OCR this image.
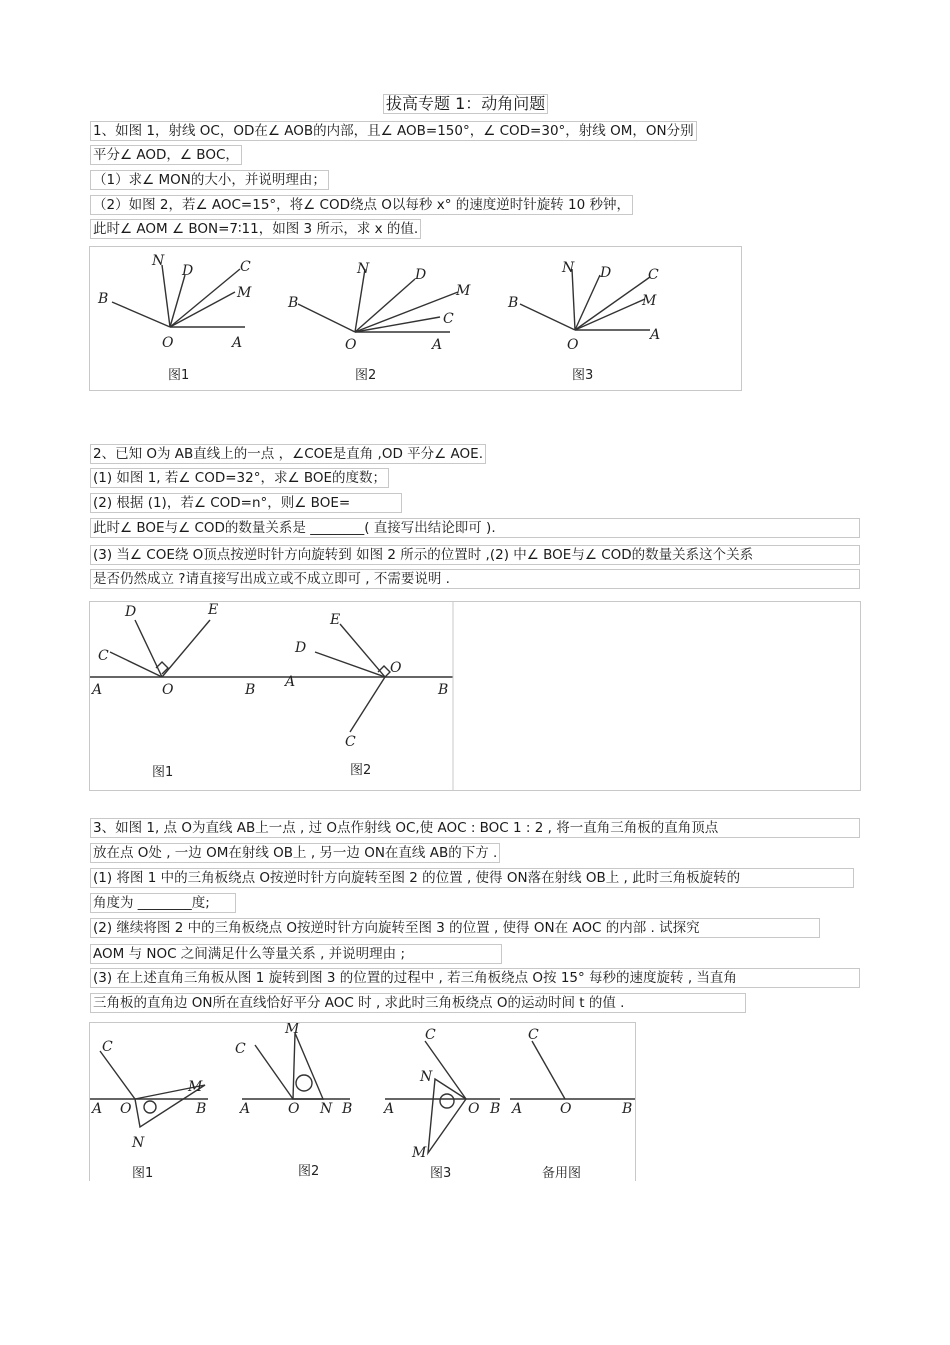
拔高专题 1：动角问题
1、如图 1，射线 OC，OD在∠ AOB的内部，且∠ AOB=150°，∠ COD=30°，射线 OM，ON分别
平分∠ AOD，∠ BOC，
（1）求∠ MON的大小，并说明理由；
（2）如图 2，若∠ AOC=15°，将∠ COD绕点 O以每秒 x° 的速度逆时针旋转 10 秒钟，
此时∠ AOM ∠ BON=7∶11，如图 3 所示，求 x 的值.
N
D	C
M
B
O	A
图1
N	D
M
C
B
O	A
图2
N D	C
M
B
O
A
图3
2、已知 O为 AB直线上的一点 ，∠COE是直角 ,OD 平分∠ AOE.
(1) 如图 1, 若∠ COD=32°，求∠ BOE的度数；
(2) 根据 (1)，若∠ COD=n°，则∠ BOE=
此时∠ BOE与∠ COD的数量关系是 ________( 直接写出结论即可 ).
(3) 当∠ COE绕 O顶点按逆时针方向旋转到 如图 2 所示的位置时 ,(2) 中∠ BOE与∠ COD的数量关系这个关系
是否仍然成立 ?请直接写出成立或不成立即可 , 不需要说明 .
D	E
C
A	O	B
图1
E
D
O
A	B
C
图2
3、如图 1, 点 O为直线 AB上一点 , 过 O点作射线 OC,使 AOC : BOC 1 : 2 , 将一直角三角板的直角顶点
放在点 O处 , 一边 OM在射线 OB上 , 另一边 ON在直线 AB的下方 .
(1) 将图 1 中的三角板绕点 O按逆时针方向旋转至图 2 的位置 , 使得 ON落在射线 OB上 , 此时三角板旋转的
角度为 ________度;
(2) 继续将图 2 中的三角板绕点 O按逆时针方向旋转至图 3 的位置 , 使得 ON在 AOC 的内部 . 试探究
AOM 与 NOC 之间满足什么等量关系 , 并说明理由 ;
(3) 在上述直角三角板从图 1 旋转到图 3 的位置的过程中 , 若三角板绕点 O按 15° 每秒的速度旋转 , 当直角
三角板的直角边 ON所在直线恰好平分 AOC 时 , 求此时三角板绕点 O的运动时间 t 的值 .
C
M
A O	B
N
图1
M
C
A	O N B
图2
C
N
A	O B
M
图3
C
A	O	B
备用图
